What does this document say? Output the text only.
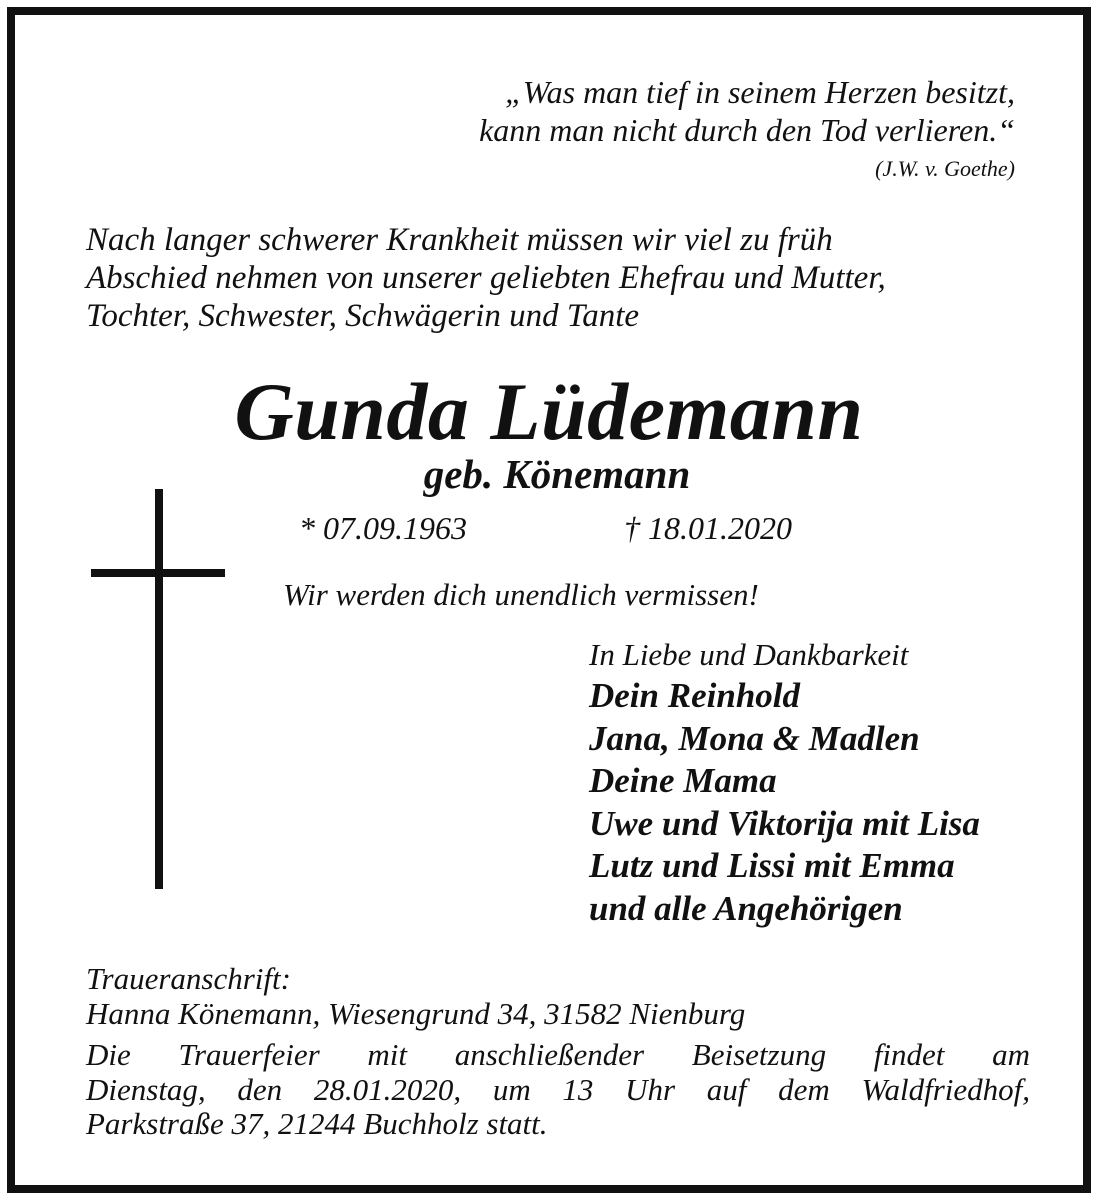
„Was man tief in seinem Herzen besitzt,
kann man nicht durch den Tod verlieren.“
(J.W. v. Goethe)
Nach langer schwerer Krankheit müssen wir viel zu früh
Abschied nehmen von unserer geliebten Ehefrau und Mutter,
Tochter, Schwester, Schwägerin und Tante
Gunda Lüdemann
geb. Könemann
* 07.09.1963	† 18.01.2020
Wir werden dich unendlich vermissen!
In Liebe und Dankbarkeit
Dein Reinhold
Jana, Mona & Madlen
Deine Mama
Uwe und Viktorija mit Lisa
Lutz und Lissi mit Emma
und alle Angehörigen
Traueranschrift:
Hanna Könemann, Wiesengrund 34, 31582 Nienburg
Die Trauerfeier mit anschließender Beisetzung findet am
Dienstag, den 28.01.2020, um 13 Uhr auf dem Waldfriedhof,
Parkstraße 37, 21244 Buchholz statt.
